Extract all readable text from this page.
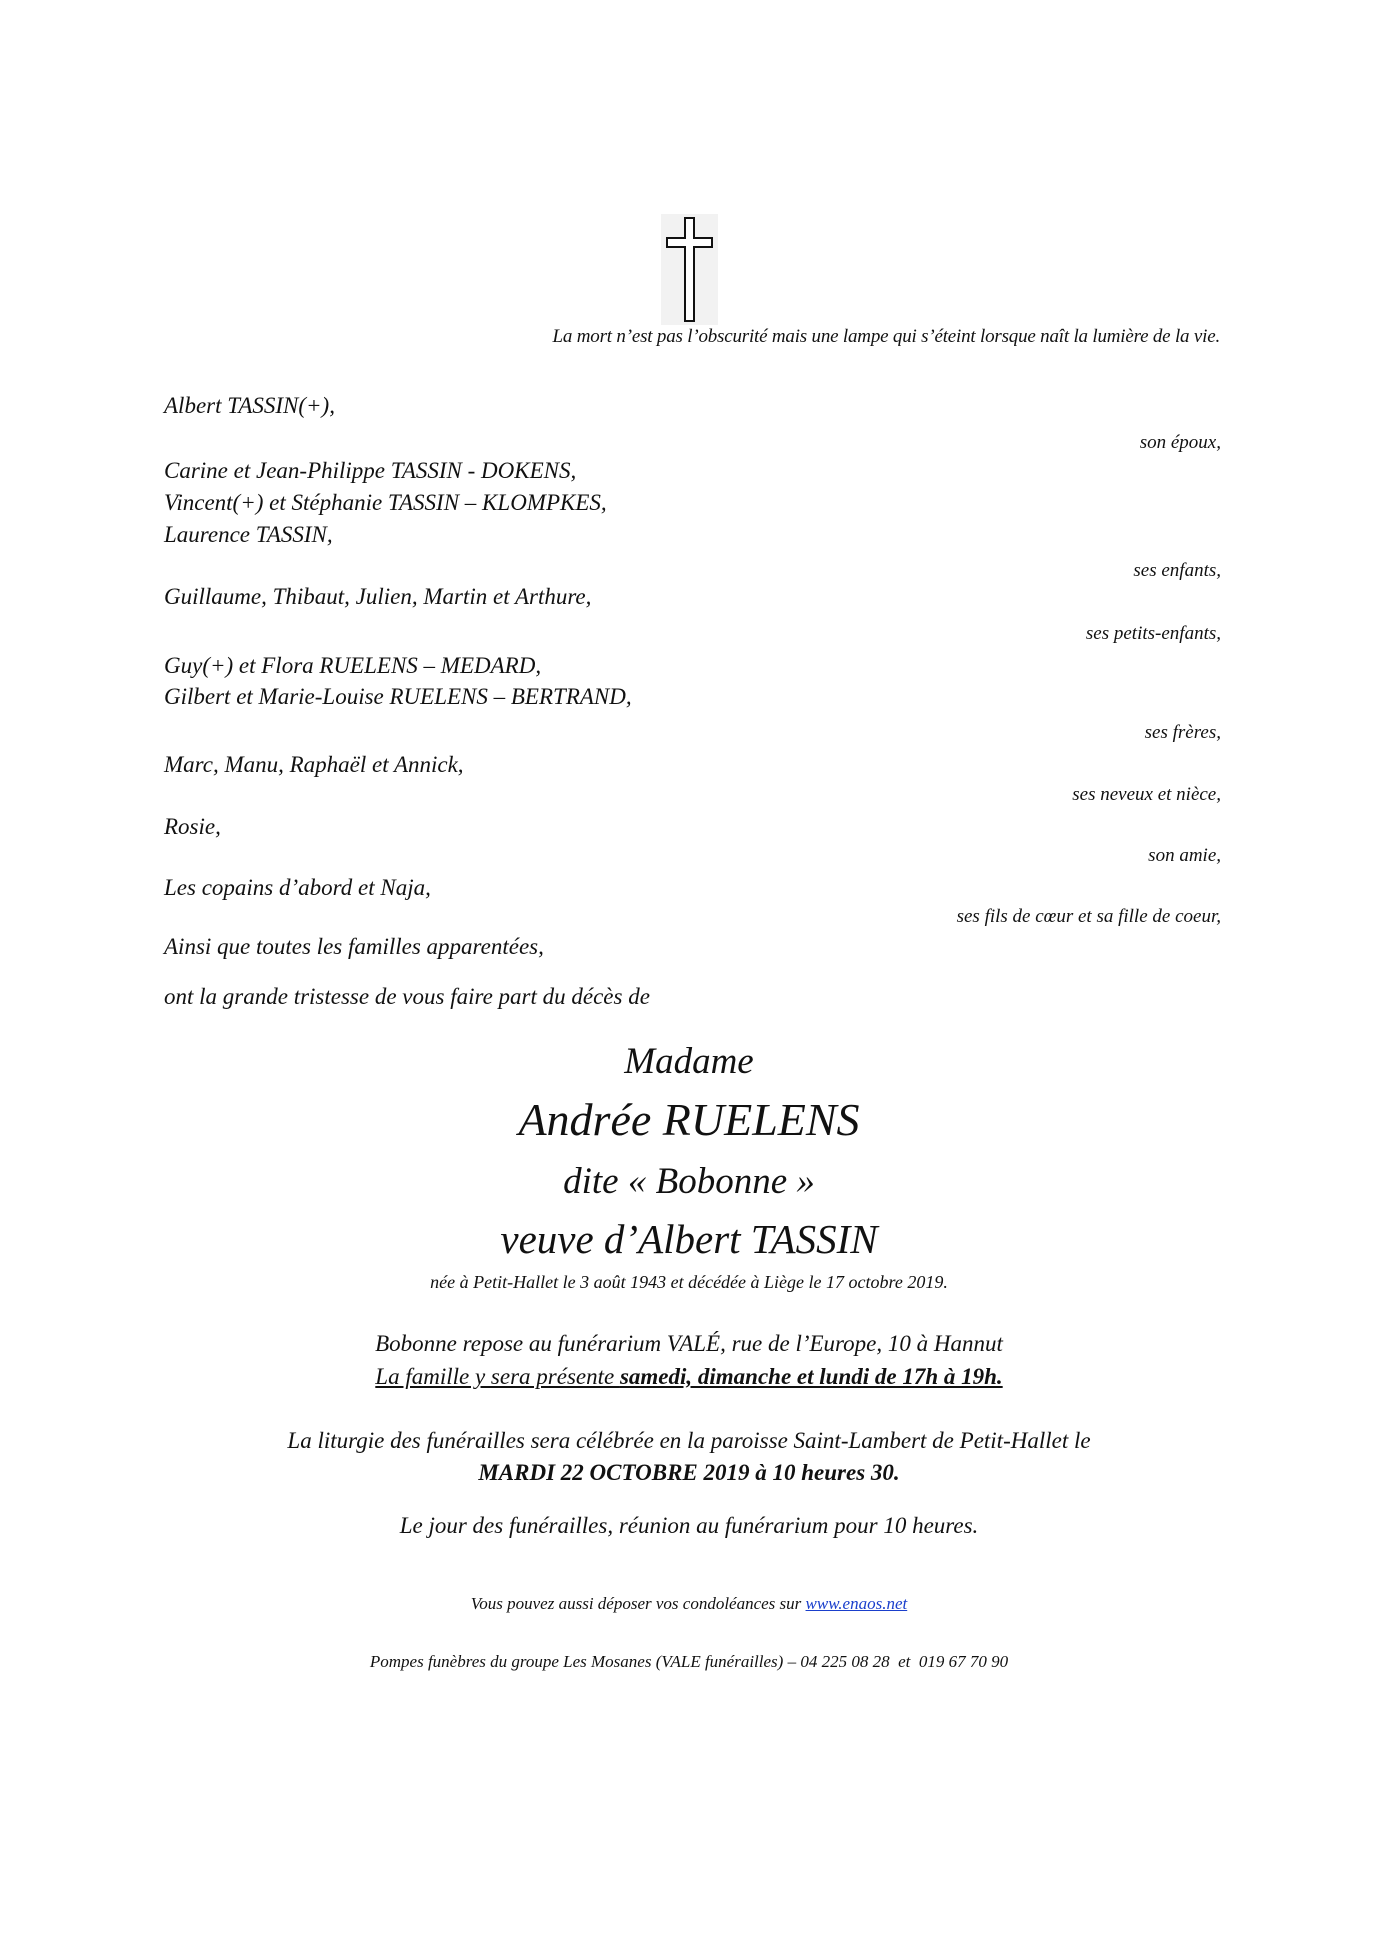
La mort n’est pas l’obscurité mais une lampe qui s’éteint lorsque naît la lumière de la vie.
Albert TASSIN(+),
son époux,
Carine et Jean-Philippe TASSIN - DOKENS,
Vincent(+) et Stéphanie TASSIN – KLOMPKES,
Laurence TASSIN,
ses enfants,
Guillaume, Thibaut, Julien, Martin et Arthure,
ses petits-enfants,
Guy(+) et Flora RUELENS – MEDARD,
Gilbert et Marie-Louise RUELENS – BERTRAND,
ses frères,
Marc, Manu, Raphaël et Annick,
ses neveux et nièce,
Rosie,
son amie,
Les copains d’abord et Naja,
ses fils de cœur et sa fille de coeur,
Ainsi que toutes les familles apparentées,
ont la grande tristesse de vous faire part du décès de
Madame
Andrée RUELENS
dite « Bobonne »
veuve d’Albert TASSIN
née à Petit-Hallet le 3 août 1943 et décédée à Liège le 17 octobre 2019.
Bobonne repose au funérarium VALÉ, rue de l’Europe, 10 à Hannut
La famille y sera présente samedi, dimanche et lundi de 17h à 19h.
La liturgie des funérailles sera célébrée en la paroisse Saint-Lambert de Petit-Hallet le
MARDI 22 OCTOBRE 2019 à 10 heures 30.
Le jour des funérailles, réunion au funérarium pour 10 heures.
Vous pouvez aussi déposer vos condoléances sur www.enaos.net
Pompes funèbres du groupe Les Mosanes (VALE funérailles) – 04 225 08 28  et  019 67 70 90
